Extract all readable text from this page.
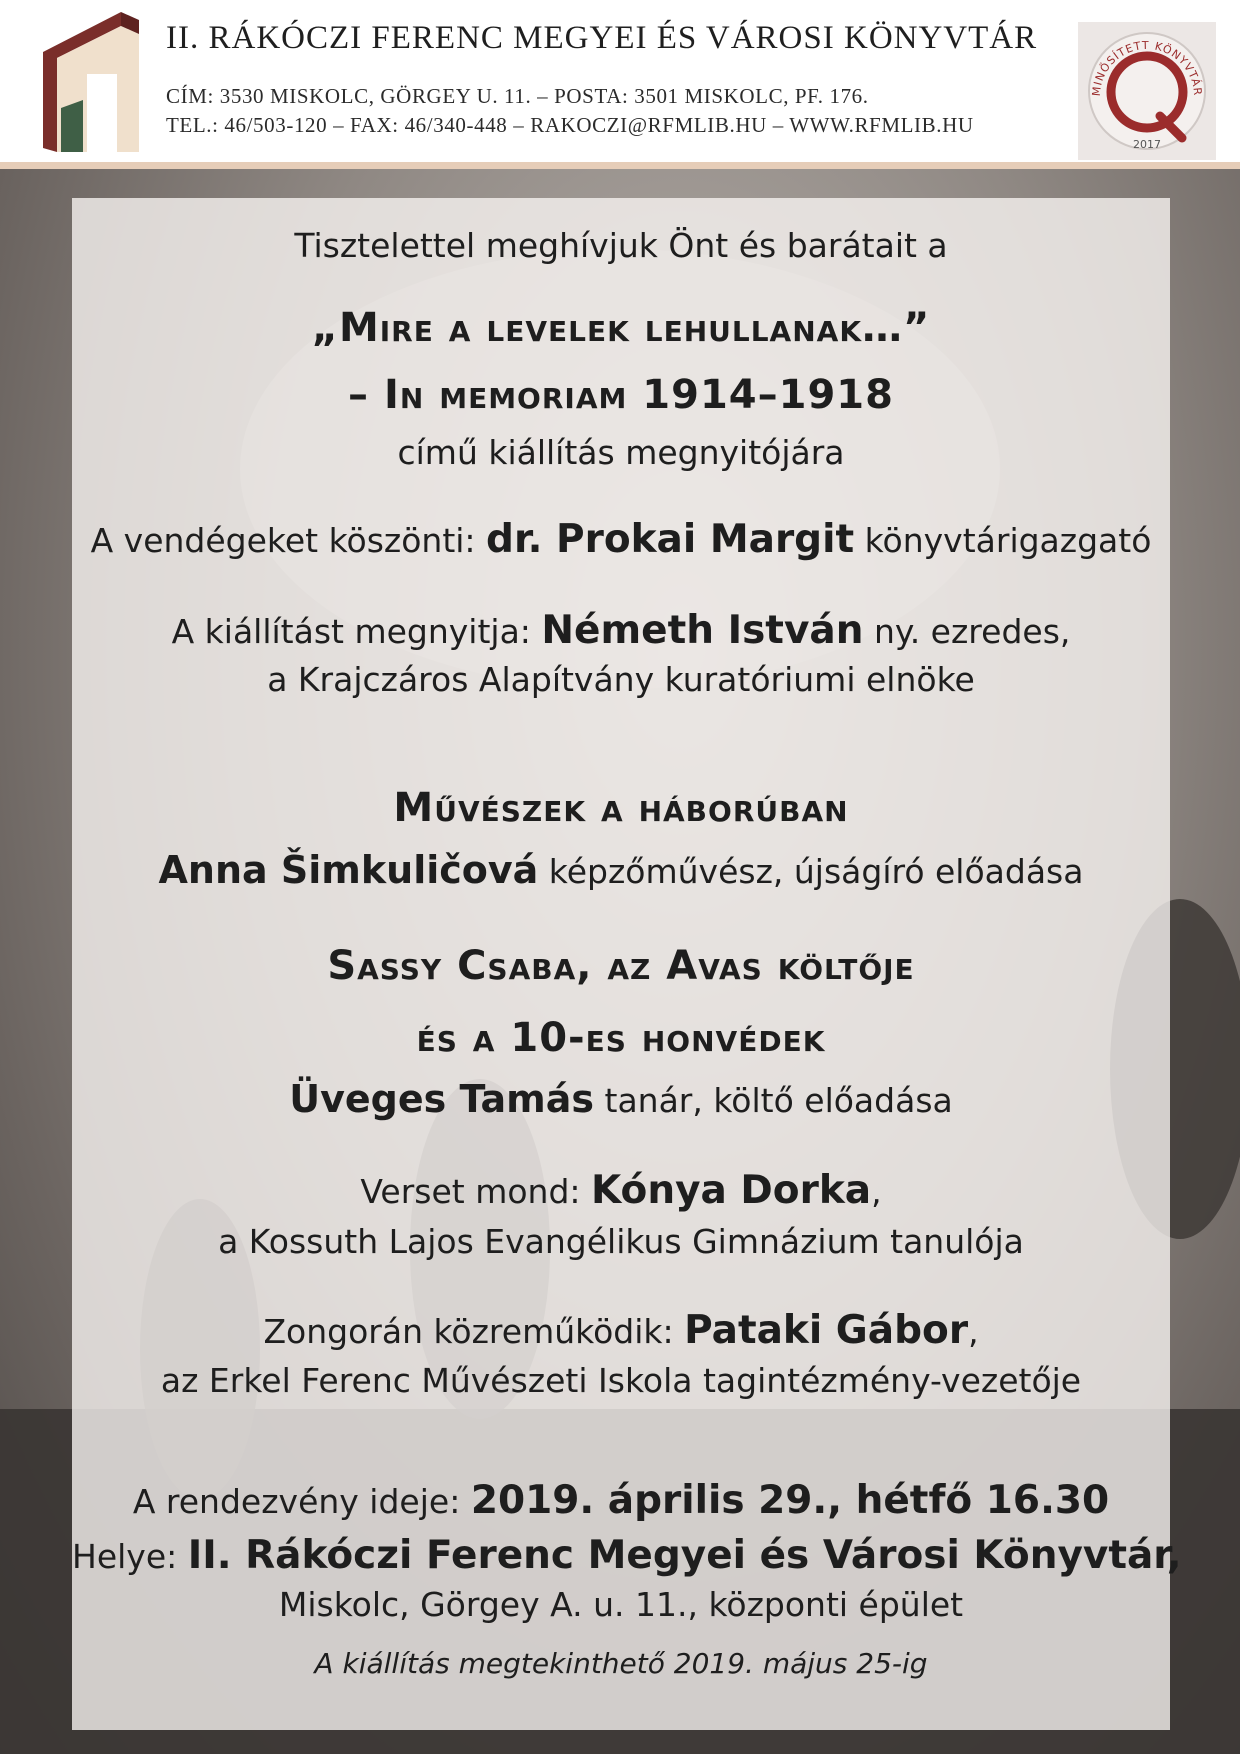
II. RÁKÓCZI FERENC MEGYEI ÉS VÁROSI KÖNYVTÁR
CÍM: 3530 MISKOLC, GÖRGEY U. 11. – POSTA: 3501 MISKOLC, PF. 176.
TEL.: 46/503-120 – FAX: 46/340-448 – RAKOCZI@RFMLIB.HU – WWW.RFMLIB.HU
MINŐSÍTETT KÖNYVTÁR
2017
Tisztelettel meghívjuk Önt és barátait a
„Mire a levelek lehullanak…”
– In memoriam 1914–1918
című kiállítás megnyitójára
A vendégeket köszönti: dr. Prokai Margit könyvtárigazgató
A kiállítást megnyitja: Németh István ny. ezredes,
a Krajczáros Alapítvány kuratóriumi elnöke
Művészek a háborúban
Anna Šimkuličová képzőművész, újságíró előadása
Sassy Csaba, az Avas költője
és a 10-es honvédek
Üveges Tamás tanár, költő előadása
Verset mond: Kónya Dorka,
a Kossuth Lajos Evangélikus Gimnázium tanulója
Zongorán közreműködik: Pataki Gábor,
az Erkel Ferenc Művészeti Iskola tagintézmény-vezetője
A rendezvény ideje: 2019. április 29., hétfő 16.30
Helye: II. Rákóczi Ferenc Megyei és Városi Könyvtár,
Miskolc, Görgey A. u. 11., központi épület
A kiállítás megtekinthető 2019. május 25-ig
